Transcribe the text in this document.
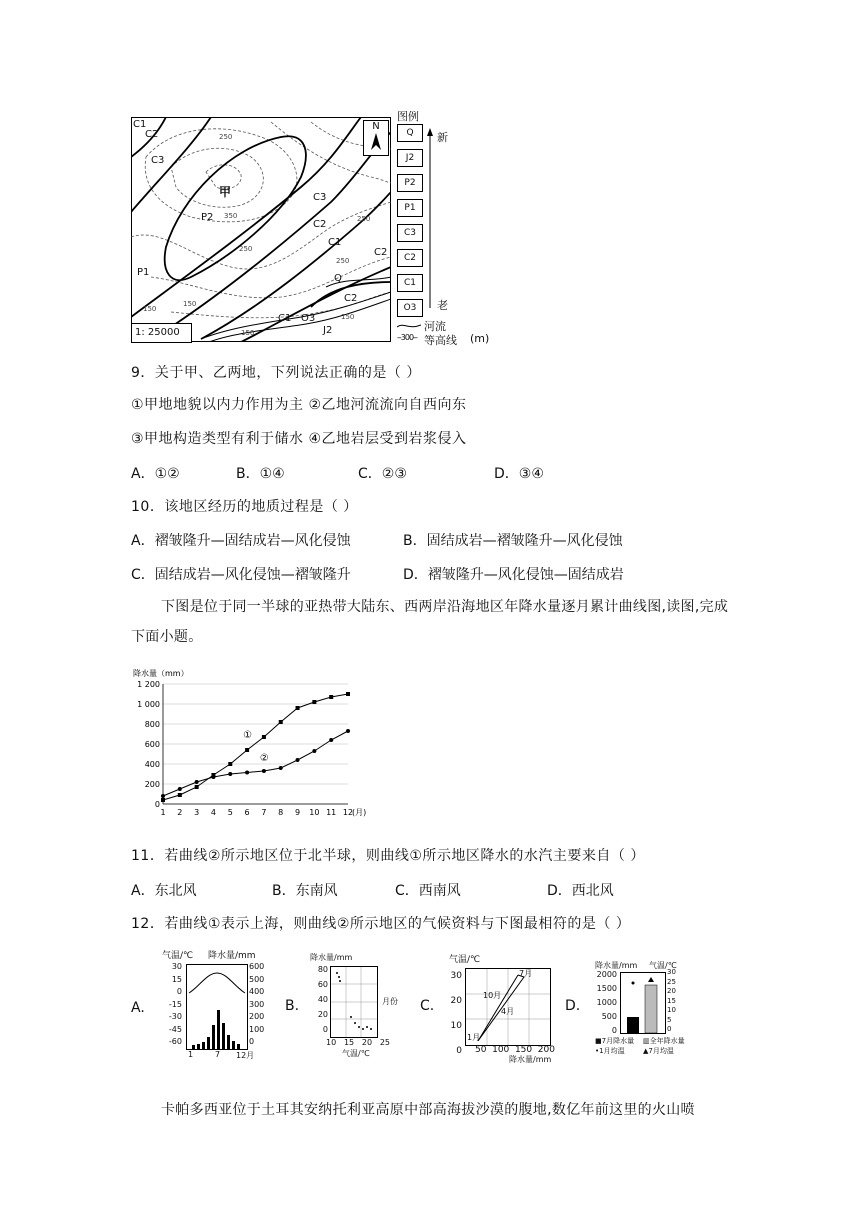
N
1: 25000
C1
C2
C3
甲
P2
P1
C3
C2
C1
C2
Q
C2
C1 O3
J2
250
350
250
250
250
150
150
150
150
图例
Q
J2
P2
P1
C3
C2
C1
O3
新
老
河流
--300-- 等高线 (m)
9．关于甲、乙两地，下列说法正确的是（ ）
①甲地地貌以内力作用为主 ②乙地河流流向自西向东
③甲地构造类型有利于储水 ④乙地岩层受到岩浆侵入
A．①②	B．①④	C．②③	D．③④
10．该地区经历的地质过程是（ ）
A．褶皱隆升—固结成岩—风化侵蚀	B．固结成岩—褶皱隆升—风化侵蚀
C．固结成岩—风化侵蚀—褶皱隆升	D．褶皱隆升—风化侵蚀—固结成岩
下图是位于同一半球的亚热带大陆东、西两岸沿海地区年降水量逐月累计曲线图,读图,完成下面小题。
降水量（mm）
0
200
400
600
800
1 000
1 200
1 2 3 4 5 6 7 8 9 10 11 12
(月)
①
②
11．若曲线②所示地区位于北半球，则曲线①所示地区降水的水汽主要来自（ ）
A．东北风	B．东南风	C．西南风	D．西北风
12．若曲线①表示上海，则曲线②所示地区的气候资料与下图最相符的是（ ）
A.	B.	C.	D.
气温/℃ 降水量/mm
30
15
0
-15
-30
-45
-60
600
500
400
300
200
100
0
1	7 12月
降水量/mm
80
60
40
20
0
10 15 20 25
气温/℃
月份
气温/℃
30
20
10
0 50 100 150 200
降水量/mm
7月
10月
4月
1月
降水量/mm 气温/℃
2000
1500
1000
500
0
30
25
20
15
10
5
0
■7月降水量 ▥全年降水量
•1月均温	▲7月均温
卡帕多西亚位于土耳其安纳托利亚高原中部高海拔沙漠的腹地,数亿年前这里的火山喷
